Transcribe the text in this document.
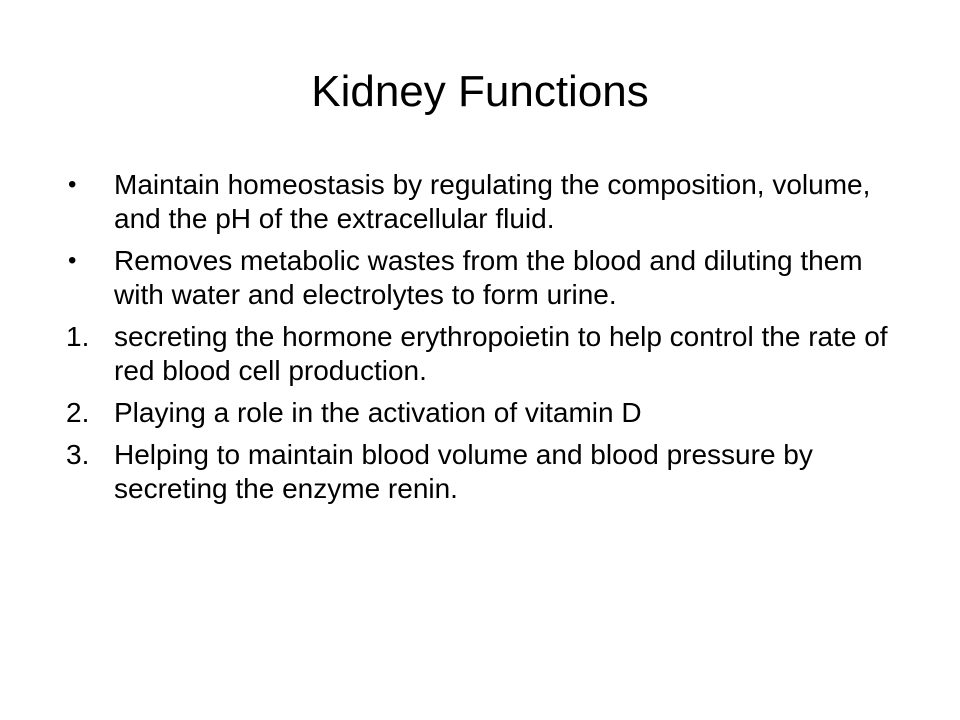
Kidney Functions
•	Maintain homeostasis by regulating the composition, volume, and the pH of the extracellular fluid.
•	Removes metabolic wastes from the blood and diluting them with water and electrolytes to form urine.
1. secreting the hormone erythropoietin to help control the rate of red blood cell production.
2. Playing a role in the activation of vitamin D
3. Helping to maintain blood volume and blood pressure by secreting the enzyme renin.
